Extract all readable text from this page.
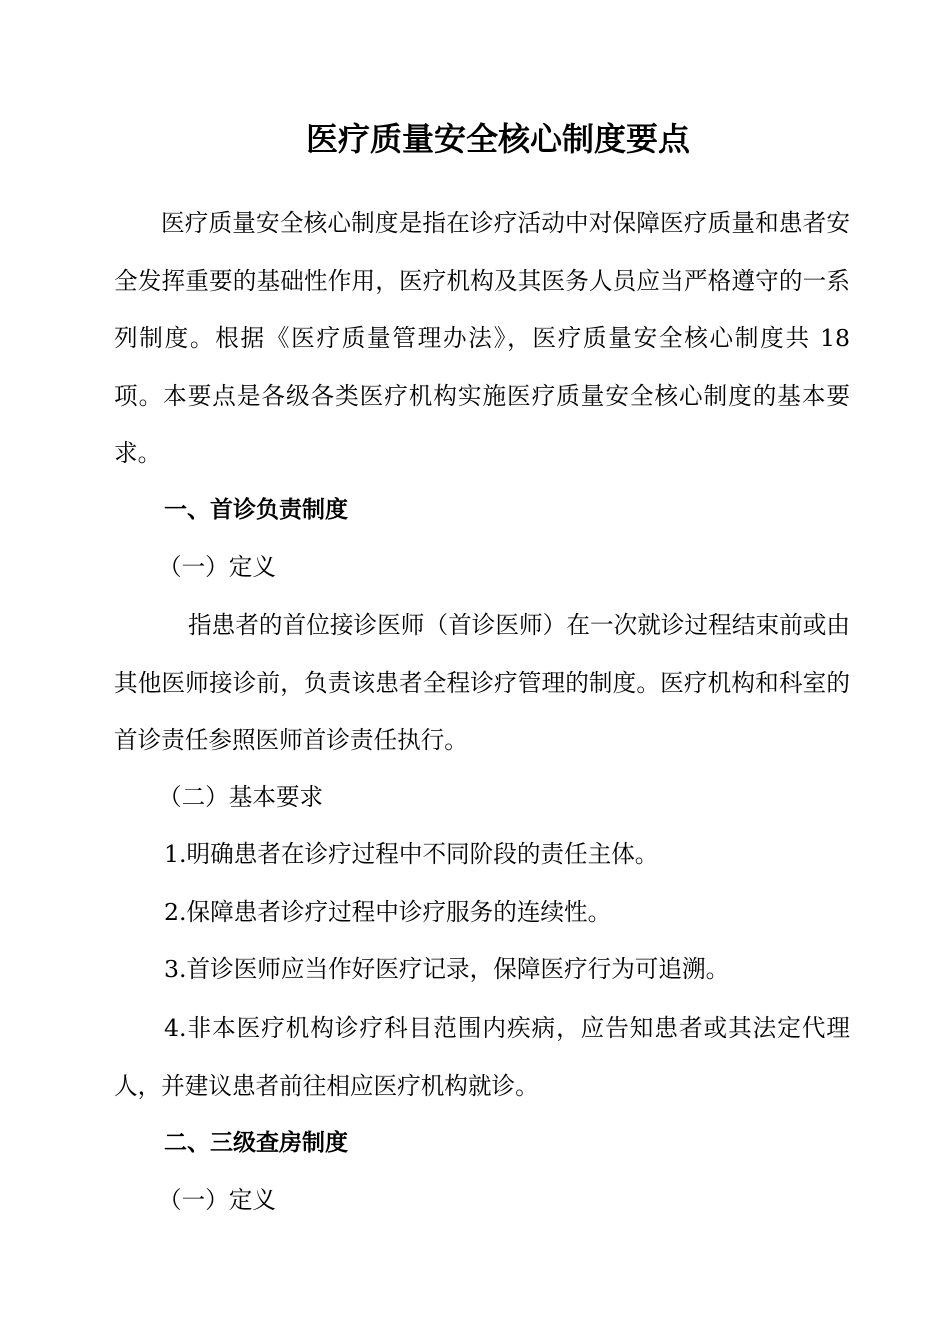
医疗质量安全核心制度要点
医疗质量安全核心制度是指在诊疗活动中对保障医疗质量和患者安全发挥重要的基础性作用，医疗机构及其医务人员应当严格遵守的一系列制度。根据《医疗质量管理办法》，医疗质量安全核心制度共 18 项。本要点是各级各类医疗机构实施医疗质量安全核心制度的基本要求。
一、首诊负责制度
（一）定义
指患者的首位接诊医师（首诊医师）在一次就诊过程结束前或由其他医师接诊前，负责该患者全程诊疗管理的制度。医疗机构和科室的首诊责任参照医师首诊责任执行。
（二）基本要求
1.明确患者在诊疗过程中不同阶段的责任主体。
2.保障患者诊疗过程中诊疗服务的连续性。
3.首诊医师应当作好医疗记录，保障医疗行为可追溯。
4.非本医疗机构诊疗科目范围内疾病，应告知患者或其法定代理人，并建议患者前往相应医疗机构就诊。
二、三级查房制度
（一）定义
